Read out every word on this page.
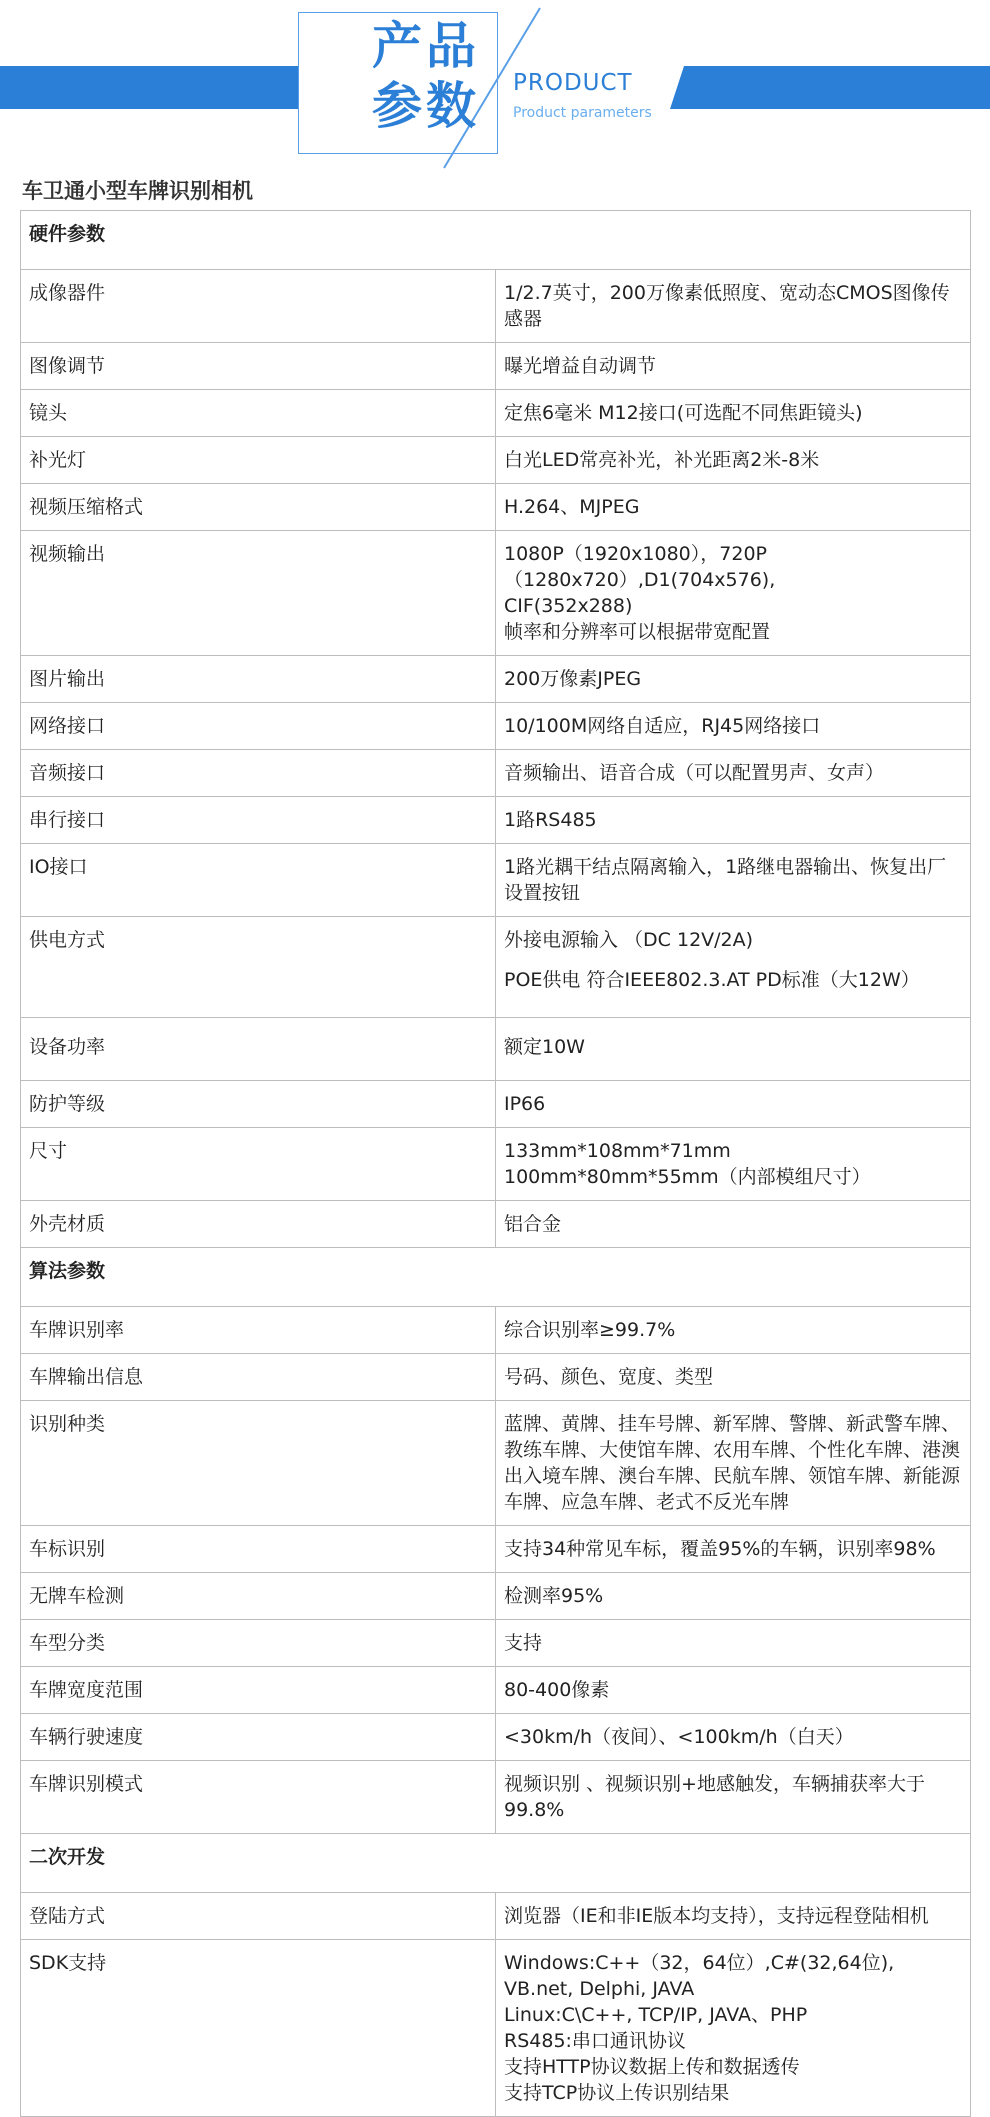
产品
参数 PRODUCT
Product parameters
车卫通小型车牌识别相机
硬件参数	
成像器件	1/2.7英寸，200万像素低照度、宽动态CMOS图像传感器

图像调节	曝光增益自动调节

镜头	定焦6毫米 M12接口(可选配不同焦距镜头)

补光灯	白光LED常亮补光，补光距离2米-8米

视频压缩格式	H.264、MJPEG

视频输出	1080P（1920x1080），720P（1280x720）,D1(704x576),
CIF(352x288)
帧率和分辨率可以根据带宽配置

图片输出	200万像素JPEG

网络接口	10/100M网络自适应，RJ45网络接口

音频接口	音频输出、语音合成（可以配置男声、女声）

串行接口	1路RS485

IO接口	1路光耦干结点隔离输入，1路继电器输出、恢复出厂设置按钮

供电方式	外接电源输入 （DC 12V/2A)
POE供电 符合IEEE802.3.AT PD标准（大12W）

设备功率	额定10W

防护等级	IP66

尺寸	133mm*108mm*71mm
100mm*80mm*55mm（内部模组尺寸）

外壳材质	铝合金

算法参数	
车牌识别率	综合识别率≥99.7%

车牌输出信息	号码、颜色、宽度、类型

识别种类	蓝牌、黄牌、挂车号牌、新军牌、警牌、新武警车牌、教练车牌、大使馆车牌、农用车牌、个性化车牌、港澳出入境车牌、澳台车牌、民航车牌、领馆车牌、新能源车牌、应急车牌、老式不反光车牌

车标识别	支持34种常见车标，覆盖95%的车辆，识别率98%

无牌车检测	检测率95%

车型分类	支持

车牌宽度范围	80-400像素

车辆行驶速度	<30km/h（夜间）、<100km/h（白天）

车牌识别模式	视频识别 、视频识别+地感触发，车辆捕获率大于99.8%

二次开发	
登陆方式	浏览器（IE和非IE版本均支持），支持远程登陆相机

SDK支持	Windows:C++（32，64位）,C#(32,64位), VB.net, Delphi, JAVA
Linux:C\C++, TCP/IP, JAVA、PHP
RS485:串口通讯协议
支持HTTP协议数据上传和数据透传
支持TCP协议上传识别结果
